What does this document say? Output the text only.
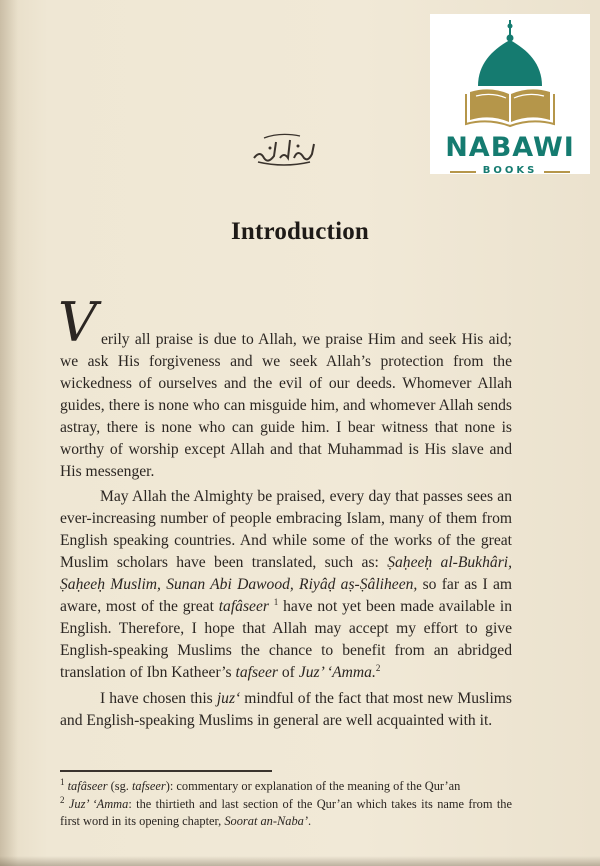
NABAWI
BOOKS
Introduction
V erily all praise is due to Allah, we praise Him and seek His aid; we ask His forgiveness and we seek Allah’s protection from the wickedness of ourselves and the evil of our deeds. Whomever Allah guides, there is none who can misguide him, and whomever Allah sends astray, there is none who can guide him. I bear witness that none is worthy of worship except Allah and that Muhammad is His slave and His messenger.
May Allah the Almighty be praised, every day that passes sees an ever-increasing number of people embracing Islam, many of them from English speaking countries. And while some of the works of the great Muslim scholars have been translated, such as: Ṣaḥeeḥ al-Bukhâri, Ṣaḥeeḥ Muslim, Sunan Abi Dawood, Riyâḍ aṣ-Ṣâliheen, so far as I am aware, most of the great tafâseer $^1$ have not yet been made available in English. Therefore, I hope that Allah may accept my effort to give English-speaking Muslims the chance to benefit from an abridged translation of Ibn Katheer’s tafseer of Juz’ ‘Amma.$^2$
I have chosen this juz‘ mindful of the fact that most new Muslims and English-speaking Muslims in general are well acquainted with it.
$^1$ tafâseer (sg. tafseer): commentary or explanation of the meaning of the Qur’an
$^2$ Juz’ ‘Amma: the thirtieth and last section of the Qur’an which takes its name from the first word in its opening chapter, Soorat an-Naba’.
